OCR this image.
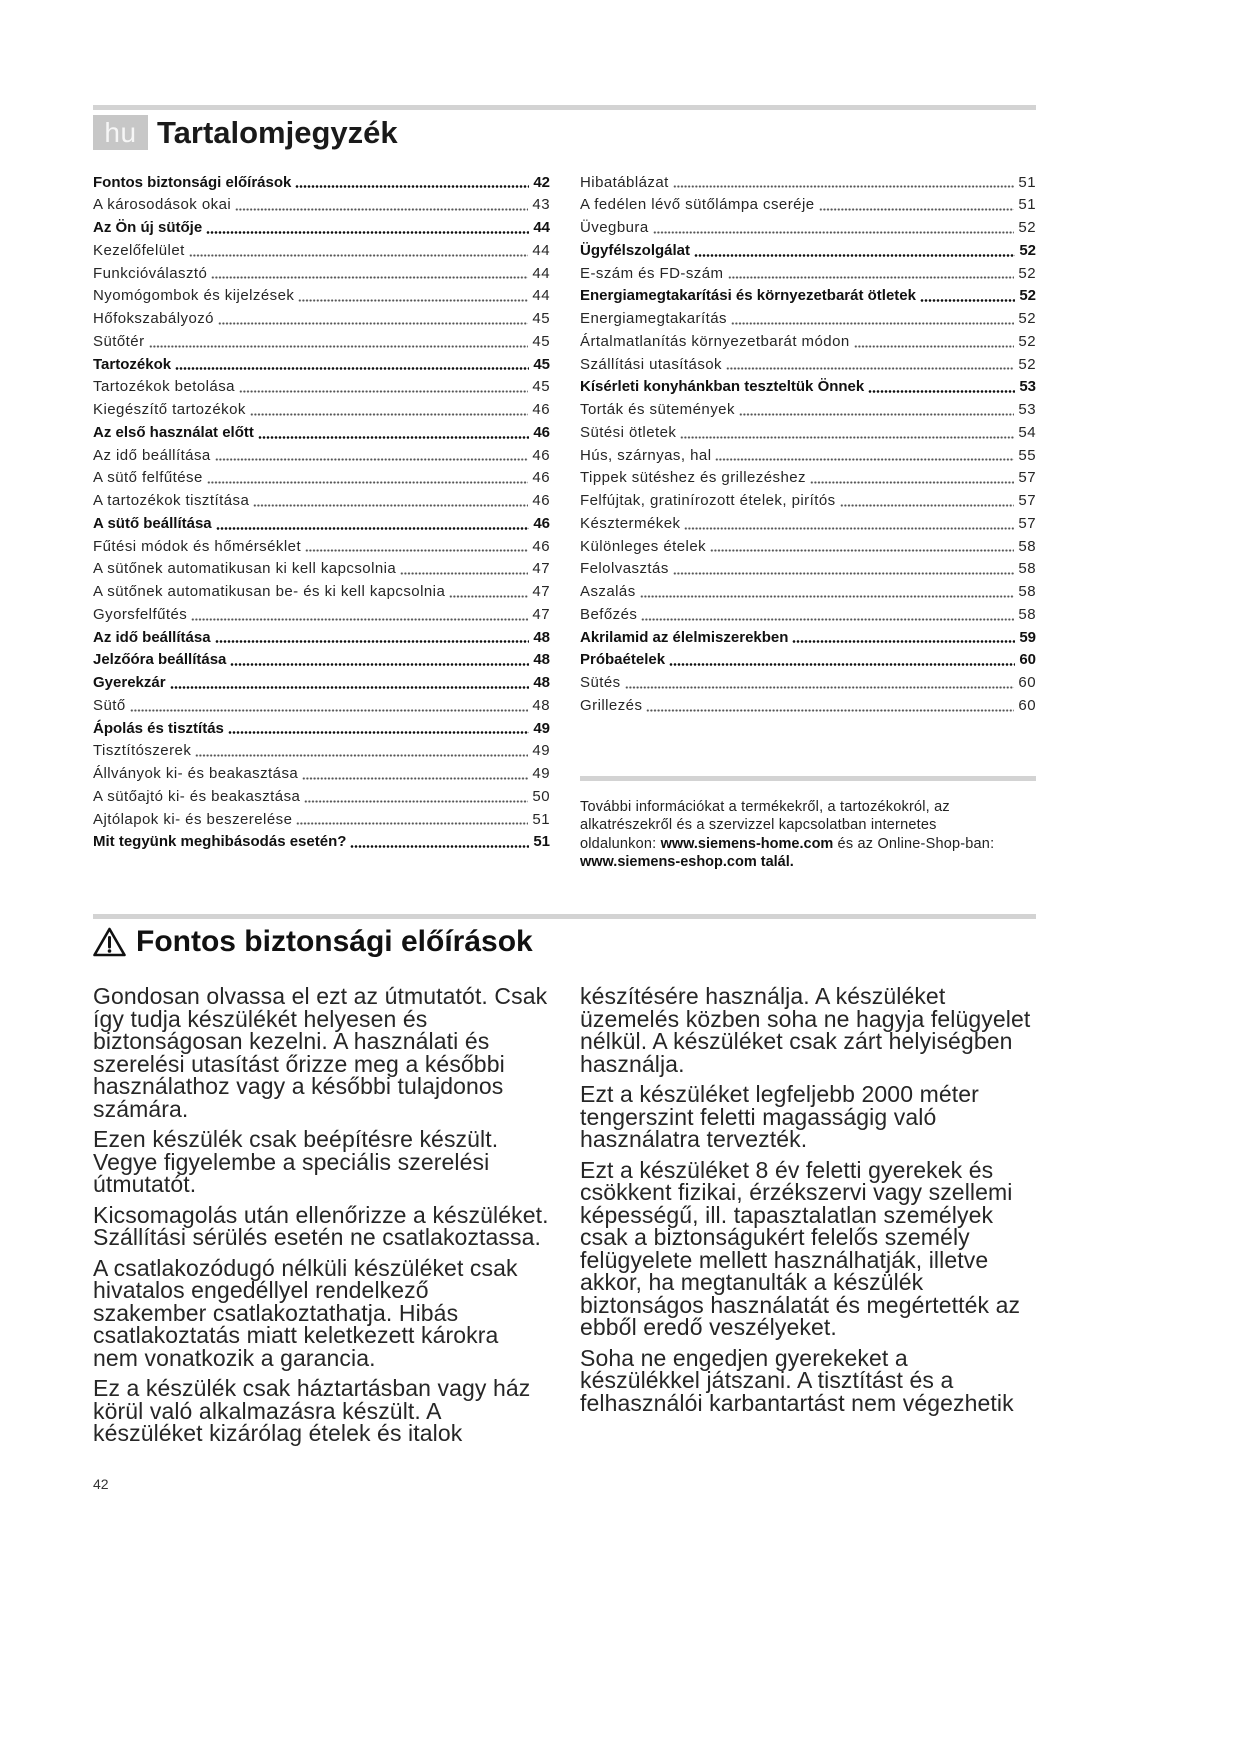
hu Tartalomjegyzék
Fontos biztonsági előírások	42
A károsodások okai	43
Az Ön új sütője	44
Kezelőfelület	44
Funkcióválasztó	44
Nyomógombok és kijelzések	44
Hőfokszabályozó	45
Sütőtér	45
Tartozékok	45
Tartozékok betolása	45
Kiegészítő tartozékok	46
Az első használat előtt	46
Az idő beállítása	46
A sütő felfűtése	46
A tartozékok tisztítása	46
A sütő beállítása	46
Fűtési módok és hőmérséklet	46
A sütőnek automatikusan ki kell kapcsolnia	47
A sütőnek automatikusan be- és ki kell kapcsolnia	47
Gyorsfelfűtés	47
Az idő beállítása	48
Jelzőóra beállítása	48
Gyerekzár	48
Sütő	48
Ápolás és tisztítás	49
Tisztítószerek	49
Állványok ki- és beakasztása	49
A sütőajtó ki- és beakasztása	50
Ajtólapok ki- és beszerelése	51
Mit tegyünk meghibásodás esetén?	51
Hibatáblázat	51
A fedélen lévő sütőlámpa cseréje	51
Üvegbura	52
Ügyfélszolgálat	52
E-szám és FD-szám	52
Energiamegtakarítási és környezetbarát ötletek	52
Energiamegtakarítás	52
Ártalmatlanítás környezetbarát módon	52
Szállítási utasítások	52
Kísérleti konyhánkban teszteltük Önnek	53
Torták és sütemények	53
Sütési ötletek	54
Hús, szárnyas, hal	55
Tippek sütéshez és grillezéshez	57
Felfújtak, gratinírozott ételek, pirítós	57
Késztermékek	57
Különleges ételek	58
Felolvasztás	58
Aszalás	58
Befőzés	58
Akrilamid az élelmiszerekben	59
Próbaételek	60
Sütés	60
Grillezés	60
További információkat a termékekről, a tartozékokról, az
alkatrészekről és a szervizzel kapcsolatban internetes
oldalunkon: www.siemens-home.com és az Online-Shop-ban:
www.siemens-eshop.com talál.
Fontos biztonsági előírások
Gondosan olvassa el ezt az útmutatót. Csak
így tudja készülékét helyesen és
biztonságosan kezelni. A használati és
szerelési utasítást őrizze meg a későbbi
használathoz vagy a későbbi tulajdonos
számára.
Ezen készülék csak beépítésre készült.
Vegye figyelembe a speciális szerelési
útmutatót.
Kicsomagolás után ellenőrizze a készüléket.
Szállítási sérülés esetén ne csatlakoztassa.
A csatlakozódugó nélküli készüléket csak
hivatalos engedéllyel rendelkező
szakember csatlakoztathatja. Hibás
csatlakoztatás miatt keletkezett károkra
nem vonatkozik a garancia.
Ez a készülék csak háztartásban vagy ház
körül való alkalmazásra készült. A
készüléket kizárólag ételek és italok
készítésére használja. A készüléket
üzemelés közben soha ne hagyja felügyelet
nélkül. A készüléket csak zárt helyiségben
használja.
Ezt a készüléket legfeljebb 2000 méter
tengerszint feletti magasságig való
használatra tervezték.
Ezt a készüléket 8 év feletti gyerekek és
csökkent fizikai, érzékszervi vagy szellemi
képességű, ill. tapasztalatlan személyek
csak a biztonságukért felelős személy
felügyelete mellett használhatják, illetve
akkor, ha megtanulták a készülék
biztonságos használatát és megértették az
ebből eredő veszélyeket.
Soha ne engedjen gyerekeket a
készülékkel játszani. A tisztítást és a
felhasználói karbantartást nem végezhetik
42
